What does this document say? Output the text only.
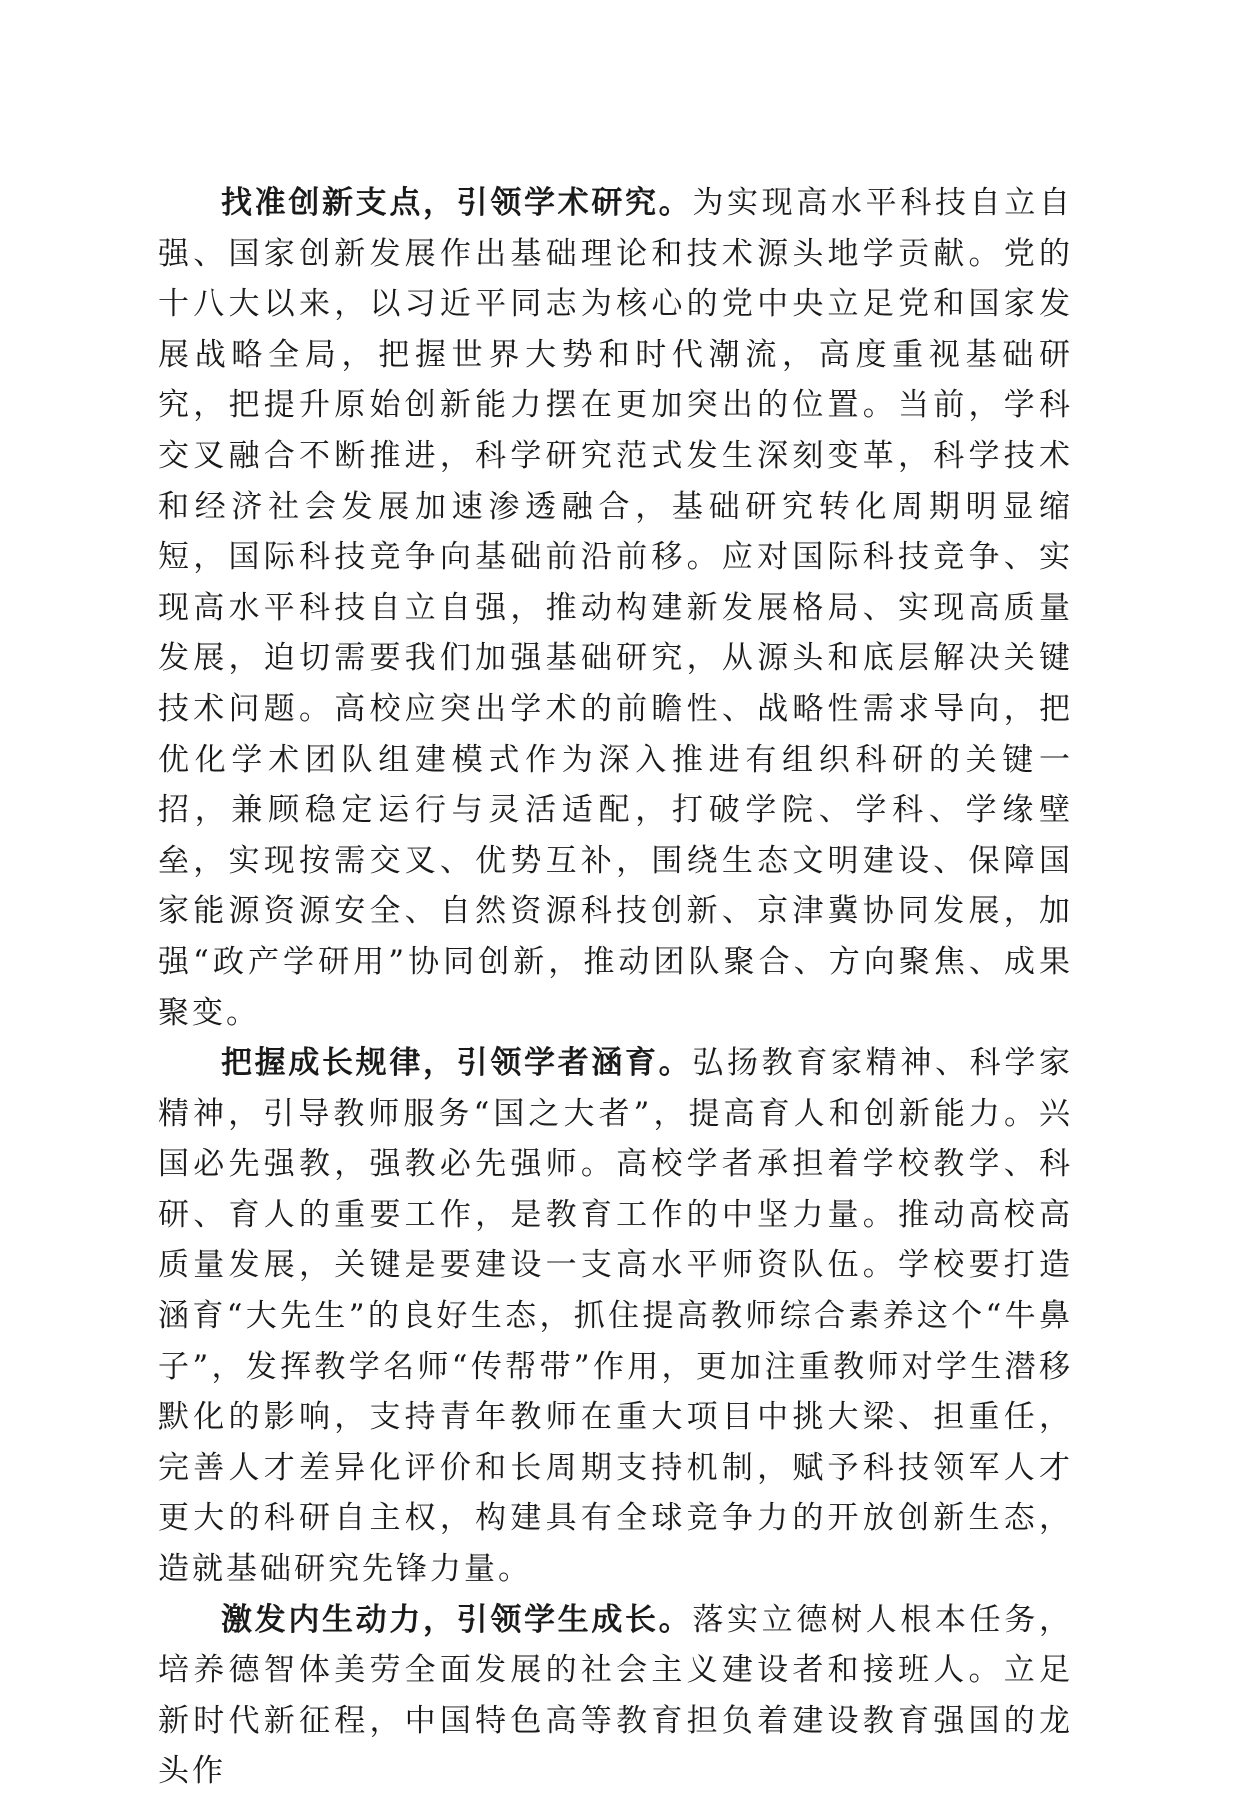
找准创新支点，引领学术研究。为实现高水平科技自立自强、国家创新发展作出基础理论和技术源头地学贡献。党的十八大以来，以习近平同志为核心的党中央立足党和国家发展战略全局，把握世界大势和时代潮流，高度重视基础研究，把提升原始创新能力摆在更加突出的位置。当前，学科交叉融合不断推进，科学研究范式发生深刻变革，科学技术和经济社会发展加速渗透融合，基础研究转化周期明显缩短，国际科技竞争向基础前沿前移。应对国际科技竞争、实现高水平科技自立自强，推动构建新发展格局、实现高质量发展，迫切需要我们加强基础研究，从源头和底层解决关键技术问题。高校应突出学术的前瞻性、战略性需求导向，把优化学术团队组建模式作为深入推进有组织科研的关键一招，兼顾稳定运行与灵活适配，打破学院、学科、学缘壁垒，实现按需交叉、优势互补，围绕生态文明建设、保障国家能源资源安全、自然资源科技创新、京津冀协同发展，加强“政产学研用”协同创新，推动团队聚合、方向聚焦、成果聚变。

把握成长规律，引领学者涵育。弘扬教育家精神、科学家精神，引导教师服务“国之大者”，提高育人和创新能力。兴国必先强教，强教必先强师。高校学者承担着学校教学、科研、育人的重要工作，是教育工作的中坚力量。推动高校高质量发展，关键是要建设一支高水平师资队伍。学校要打造涵育“大先生”的良好生态，抓住提高教师综合素养这个“牛鼻子”，发挥教学名师“传帮带”作用，更加注重教师对学生潜移默化的影响，支持青年教师在重大项目中挑大梁、担重任，完善人才差异化评价和长周期支持机制，赋予科技领军人才更大的科研自主权，构建具有全球竞争力的开放创新生态，造就基础研究先锋力量。

激发内生动力，引领学生成长。落实立德树人根本任务，培养德智体美劳全面发展的社会主义建设者和接班人。立足新时代新征程，中国特色高等教育担负着建设教育强国的龙头作
